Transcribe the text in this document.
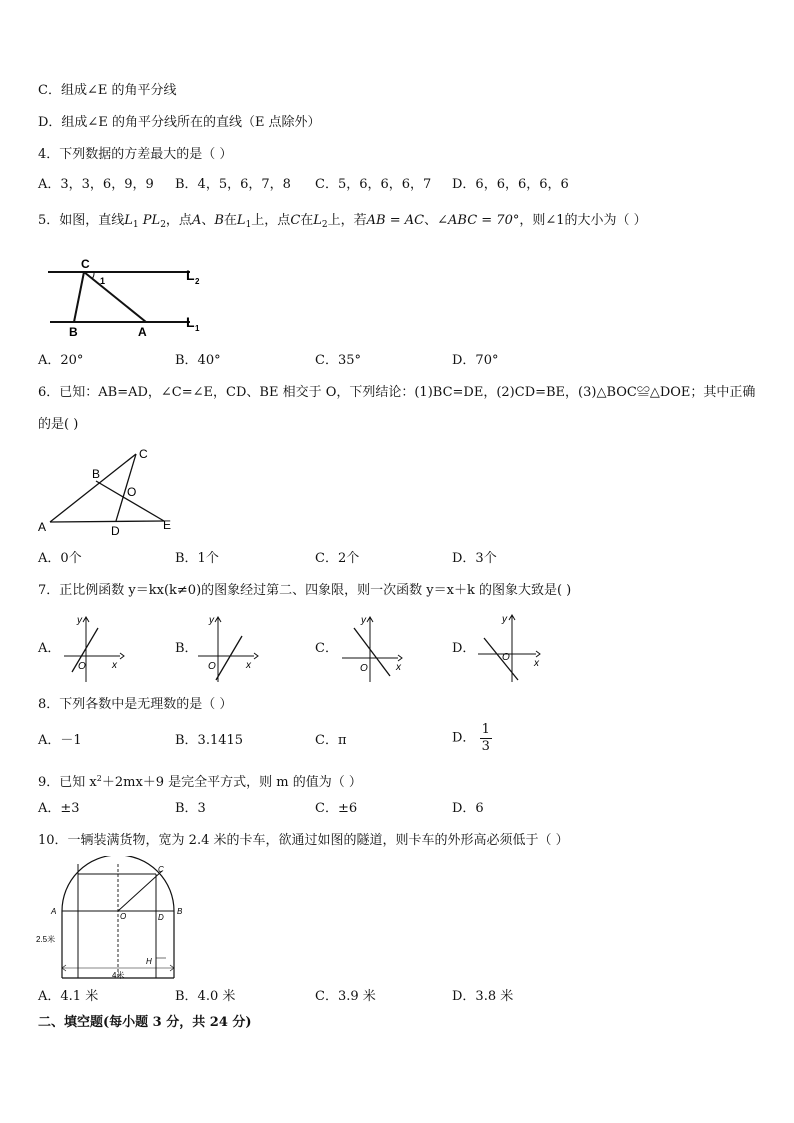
C．组成∠E 的角平分线
D．组成∠E 的角平分线所在的直线（E 点除外）
4．下列数据的方差最大的是（ ）
A．3，3，6，9，9 B．4，5，6，7，8 C．5，6，6，6，7 D．6，6，6，6，6
5．如图，直线$L_1$ $PL_2$，点A、B在$L_1$上，点C在$L_2$上，若AB = AC、∠ABC = 70°，则∠1的大小为（ ）
C
1	L 2
B	A
L 1
A．20°	B．40°	C．35°	D．70°
6．已知：AB=AD，∠C=∠E，CD、BE 相交于 O，下列结论：(1)BC=DE，(2)CD=BE，(3)△BOC≌△DOE；其中正确
的是( )
A
B
C
D	E
O
A．0个	B．1个	C．2个	D．3个
7．正比例函数 y＝kx(k≠0)的图象经过第二、四象限，则一次函数 y＝x＋k 的图象大致是( )
A．
y
x
O
B．
y
x
O
C．
y
x
O
D．
y
x
O
8．下列各数中是无理数的是（ ）
A．－1	B．3.1415	C．π	D． $\frac{1}{3}$
9．已知 $x^2+2mx+9$ 是完全平方式，则 m 的值为（ ）
A．±3	B．3	C．±6	D．6
10．一辆装满货物，宽为 2.4 米的卡车，欲通过如图的隧道，则卡车的外形高必须低于（ ）
A	B
C
D
O
H
2.5米
4米
A．4.1 米	B．4.0 米	C．3.9 米	D．3.8 米
二、填空题(每小题 3 分，共 24 分)
